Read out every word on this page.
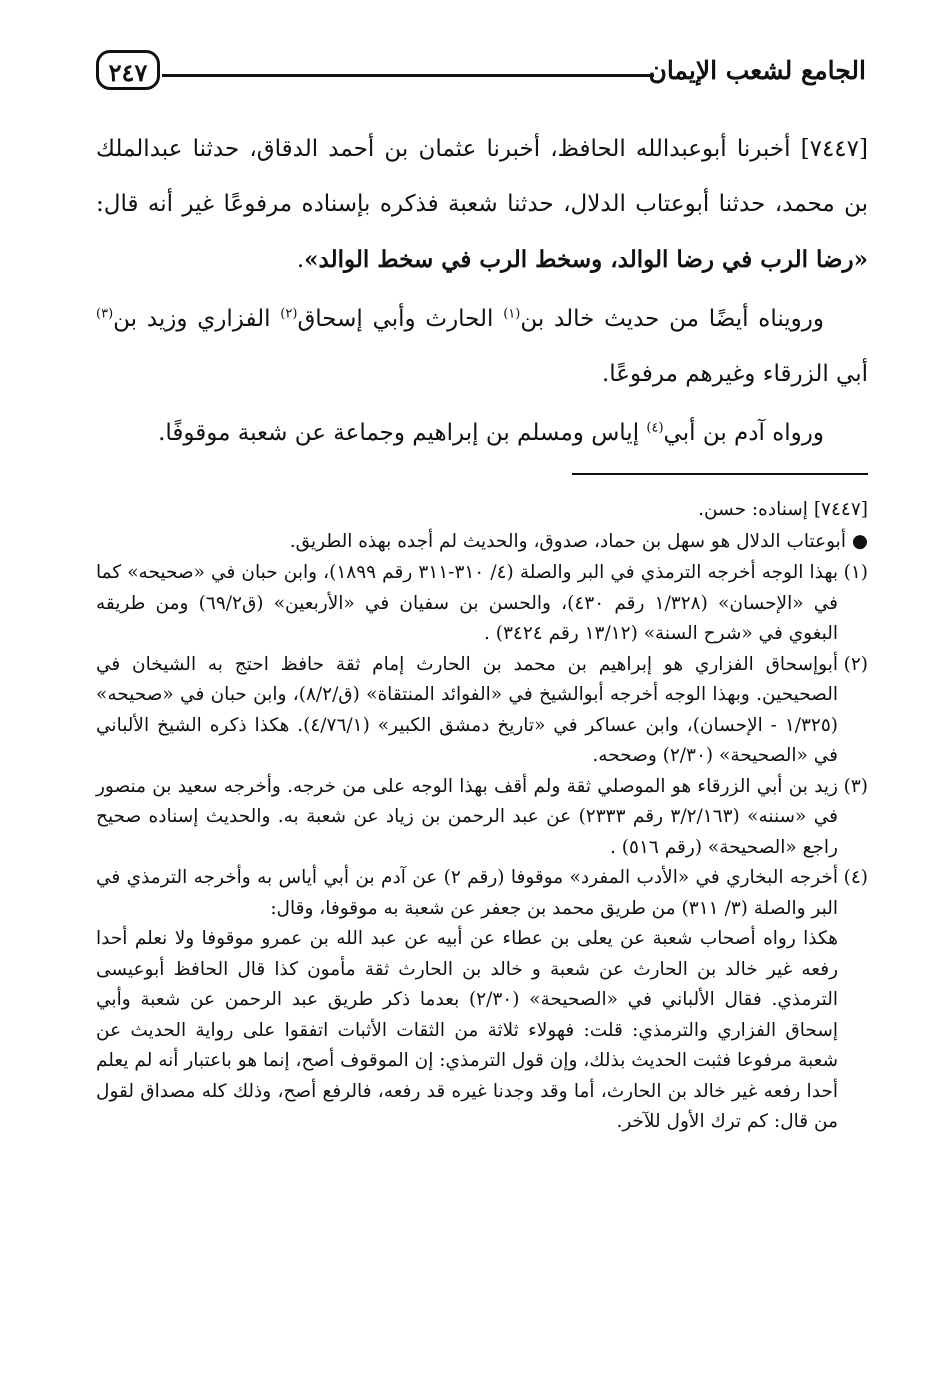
الجامع لشعب الإيمان
٢٤٧

[٧٤٤٧] أخبرنا أبوعبدالله الحافظ، أخبرنا عثمان بن أحمد الدقاق، حدثنا عبدالملك بن محمد، حدثنا أبوعتاب الدلال، حدثنا شعبة فذكره بإسناده مرفوعًا غير أنه قال: «رضا الرب في رضا الوالد، وسخط الرب في سخط الوالد».

ورويناه أيضًا من حديث خالد بن$^{(١)}$ الحارث وأبي إسحاق$^{(٢)}$ الفزاري وزيد بن$^{(٣)}$ أبي الزرقاء وغيرهم مرفوعًا.

ورواه آدم بن أبي$^{(٤)}$ إياس ومسلم بن إبراهيم وجماعة عن شعبة موقوفًا.

[٧٤٤٧] إسناده: حسن.

● أبوعتاب الدلال هو سهل بن حماد، صدوق، والحديث لم أجده بهذه الطريق.

(١)
بهذا الوجه أخرجه الترمذي في البر والصلة (٤/ ٣١٠-٣١١ رقم ١٨٩٩)، وابن حبان في «صحيحه» كما في «الإحسان» (١/٣٢٨ رقم ٤٣٠)، والحسن بن سفيان في «الأربعين» (ق٦٩/٢) ومن طريقه البغوي في «شرح السنة» (١٣/١٢ رقم ٣٤٢٤) .
(٢)
أبوإسحاق الفزاري هو إبراهيم بن محمد بن الحارث إمام ثقة حافظ احتج به الشيخان في الصحيحين. وبهذا الوجه أخرجه أبوالشيخ في «الفوائد المنتقاة» (ق/٨/٢)، وابن حبان في «صحيحه» (١/٣٢٥ - الإحسان)، وابن عساكر في «تاريخ دمشق الكبير» (٤/٧٦/١). هكذا ذكره الشيخ الألباني في «الصحيحة» (٢/٣٠) وصححه.
(٣)
زيد بن أبي الزرقاء هو الموصلي ثقة ولم أقف بهذا الوجه على من خرجه. وأخرجه سعيد بن منصور في «سننه» (٣/٢/١٦٣ رقم ٢٣٣٣) عن عبد الرحمن بن زياد عن شعبة به. والحديث إسناده صحيح راجع «الصحيحة» (رقم ٥١٦) .
(٤)

أخرجه البخاري في «الأدب المفرد» موقوفا (رقم ٢) عن آدم بن أبي أياس به وأخرجه الترمذي في البر والصلة (٣/ ٣١١) من طريق محمد بن جعفر عن شعبة به موقوفا، وقال:

هكذا رواه أصحاب شعبة عن يعلى بن عطاء عن أبيه عن عبد الله بن عمرو موقوفا ولا نعلم أحدا رفعه غير خالد بن الحارث عن شعبة و خالد بن الحارث ثقة مأمون كذا قال الحافظ أبوعيسى الترمذي. فقال الألباني في «الصحيحة» (٢/٣٠) بعدما ذكر طريق عبد الرحمن عن شعبة وأبي إسحاق الفزاري والترمذي: قلت: فهولاء ثلاثة من الثقات الأثبات اتفقوا على رواية الحديث عن شعبة مرفوعا فثبت الحديث بذلك، وإن قول الترمذي: إن الموقوف أصح، إنما هو باعتبار أنه لم يعلم أحدا رفعه غير خالد بن الحارث، أما وقد وجدنا غيره قد رفعه، فالرفع أصح، وذلك كله مصداق لقول من قال: كم ترك الأول للآخر.
